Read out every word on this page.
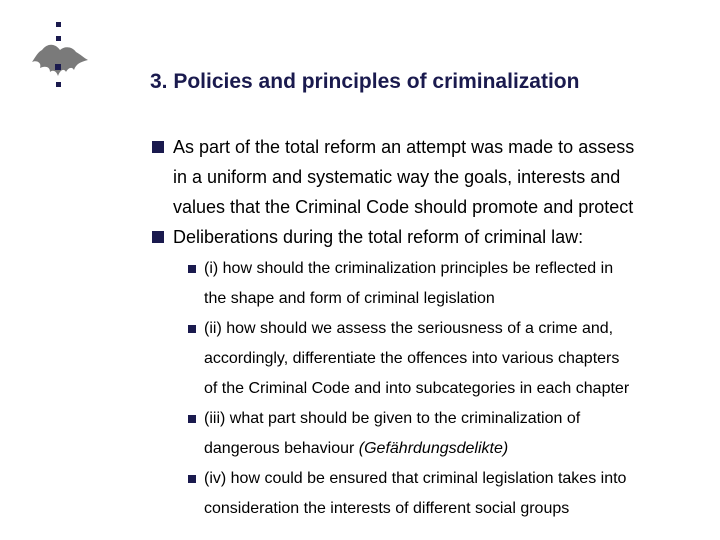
3. Policies and principles of criminalization
As part of the total reform an attempt was made to assess
in a uniform and systematic way the goals, interests and
values that the Criminal Code should promote and protect
Deliberations during the total reform of criminal law:
(i) how should the criminalization principles be reflected in
the shape and form of criminal legislation
(ii) how should we assess the seriousness of a crime and,
accordingly, differentiate the offences into various chapters
of the Criminal Code and into subcategories in each chapter
(iii) what part should be given to the criminalization of
dangerous behaviour (Gefährdungsdelikte)
(iv) how could be ensured that criminal legislation takes into
consideration the interests of different social groups
